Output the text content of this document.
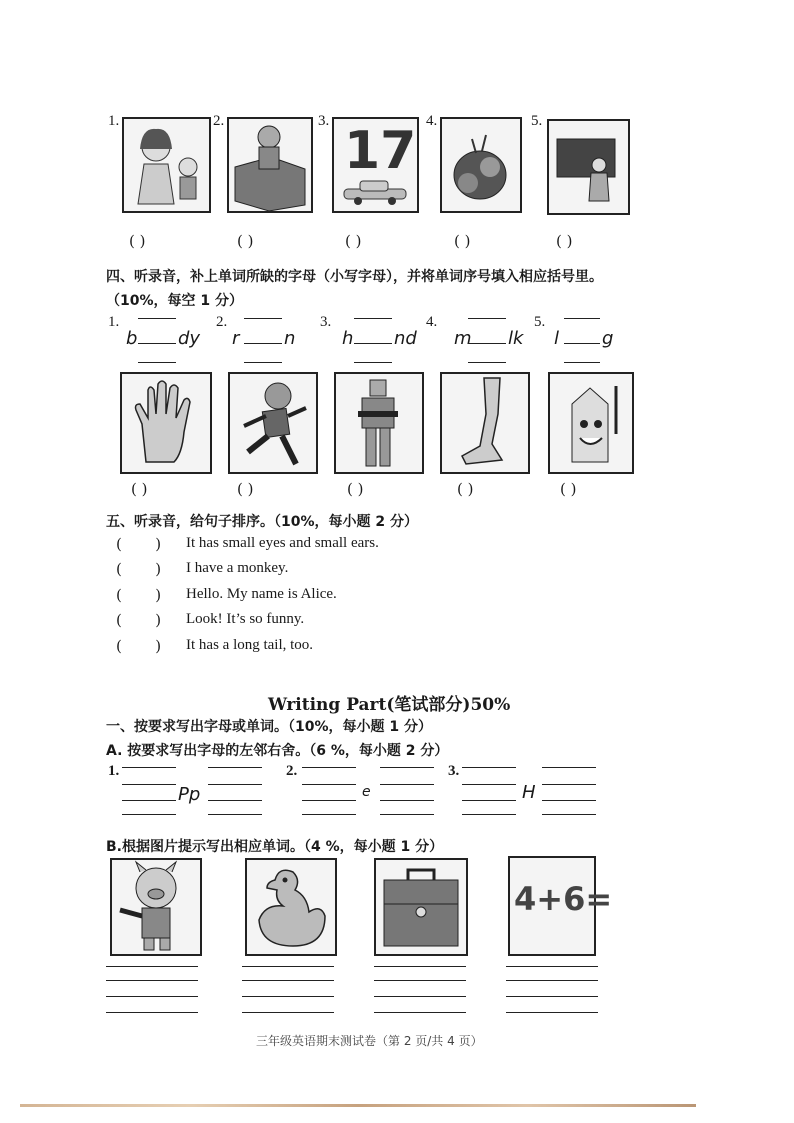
1.	2.	3. 17 4.	5.
( )	( )	( )	( )	( )
四、听录音，补上单词所缺的字母（小写字母），并将单词序号填入相应括号里。
（10%，每空 1 分）
1.
b dy
2.
r n
3.
h nd
4.
m lk
5.
l g
( )	( )	( )	( )	( )
五、听录音，给句子排序。（10%，每小题 2 分）
(       ) It has small eyes and small ears.
(       ) I have a monkey.
(       ) Hello. My name is Alice.
(       ) Look! It’s so funny.
(       ) It has a long tail, too.
Writing Part(笔试部分)50%
一、按要求写出字母或单词。（10%，每小题 1 分）
A. 按要求写出字母的左邻右舍。（6 %，每小题 2 分）
1.
Pp
2.
e
3.
H
B.根据图片提示写出相应单词。（4 %，每小题 1 分）
4+6=
三年级英语期末测试卷（第 2 页/共 4 页）
